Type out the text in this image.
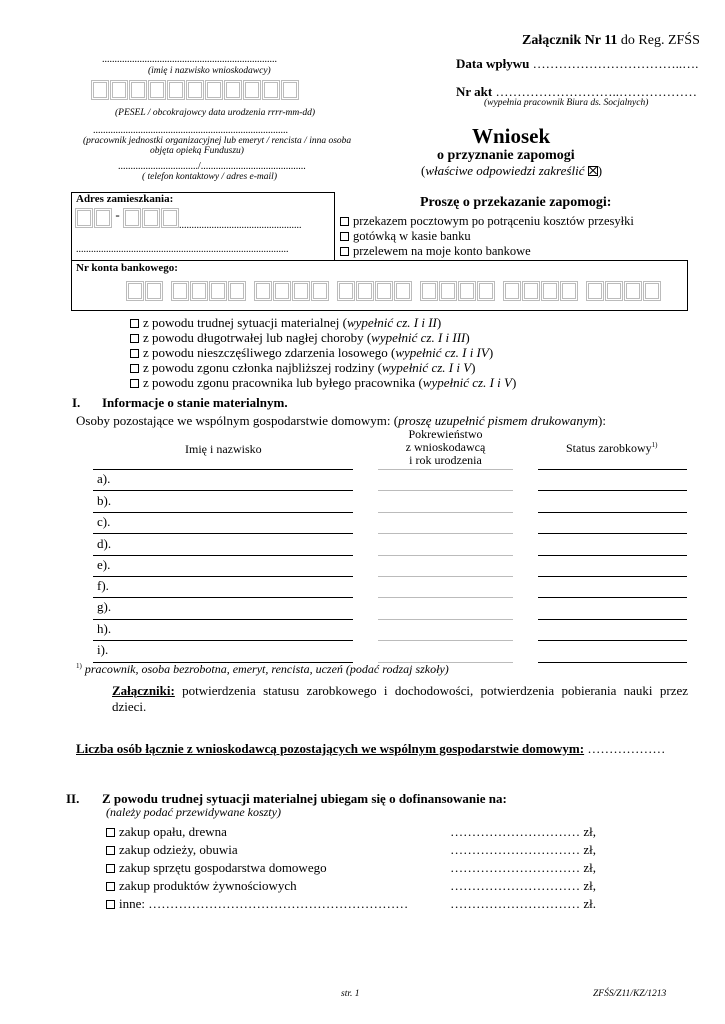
Załącznik Nr 11 do Reg. ZFŚS
Data wpływu ……………………………..….
Nr akt ………………………..………………
(wypełnia pracownik Biura ds. Socjalnych)
......................................................................
(imię i nazwisko wnioskodawcy)
(PESEL / obcokrajowcy data urodzenia rrrr-mm-dd)
..............................................................................
(pracownik jednostki organizacyjnej lub emeryt / rencista / inna osoba
objęta opieką Funduszu)
................................/..........................................
( telefon kontaktowy / adres e-mail)
Wniosek
o przyznanie zapomogi
(właściwe odpowiedzi zakreślić )
Adres zamieszkania:
-
.................................................
.....................................................................................
Proszę o przekazanie zapomogi:
przekazem pocztowym po potrąceniu kosztów przesyłki
gotówką w kasie banku
przelewem na moje konto bankowe
Nr konta bankowego:
z powodu trudnej sytuacji materialnej (wypełnić cz. I i II)
z powodu długotrwałej lub nagłej choroby (wypełnić cz. I i III)
z powodu nieszczęśliwego zdarzenia losowego (wypełnić cz. I i IV)
z powodu zgonu członka najbliższej rodziny (wypełnić cz. I i V)
z powodu zgonu pracownika lub byłego pracownika (wypełnić cz. I i V)
I. Informacje o stanie materialnym.
Osoby pozostające we wspólnym gospodarstwie domowym: (proszę uzupełnić pismem drukowanym):
Imię i nazwisko
Pokrewieństwo
z wnioskodawcą
i rok urodzenia
Status zarobkowy$^{1)}$
a).
b).
c).
d).
e).
f).
g).
h).
i).
$^{1)}$ pracownik, osoba bezrobotna, emeryt, rencista, uczeń (podać rodzaj szkoły)
Załączniki: potwierdzenia statusu zarobkowego i dochodowości, potwierdzenia pobierania nauki przez dzieci.
Liczba osób łącznie z wnioskodawcą pozostających we wspólnym gospodarstwie domowym: ………………
II. Z powodu trudnej sytuacji materialnej ubiegam się o dofinansowanie na:
(należy podać przewidywane koszty)
zakup opału, drewna	………………………… zł,
zakup odzieży, obuwia	………………………… zł,
zakup sprzętu gospodarstwa domowego	………………………… zł,
zakup produktów żywnościowych	………………………… zł,
inne: ……………………………………………………	………………………… zł.
str. 1	ZFŚS/Z11/KZ/1213
